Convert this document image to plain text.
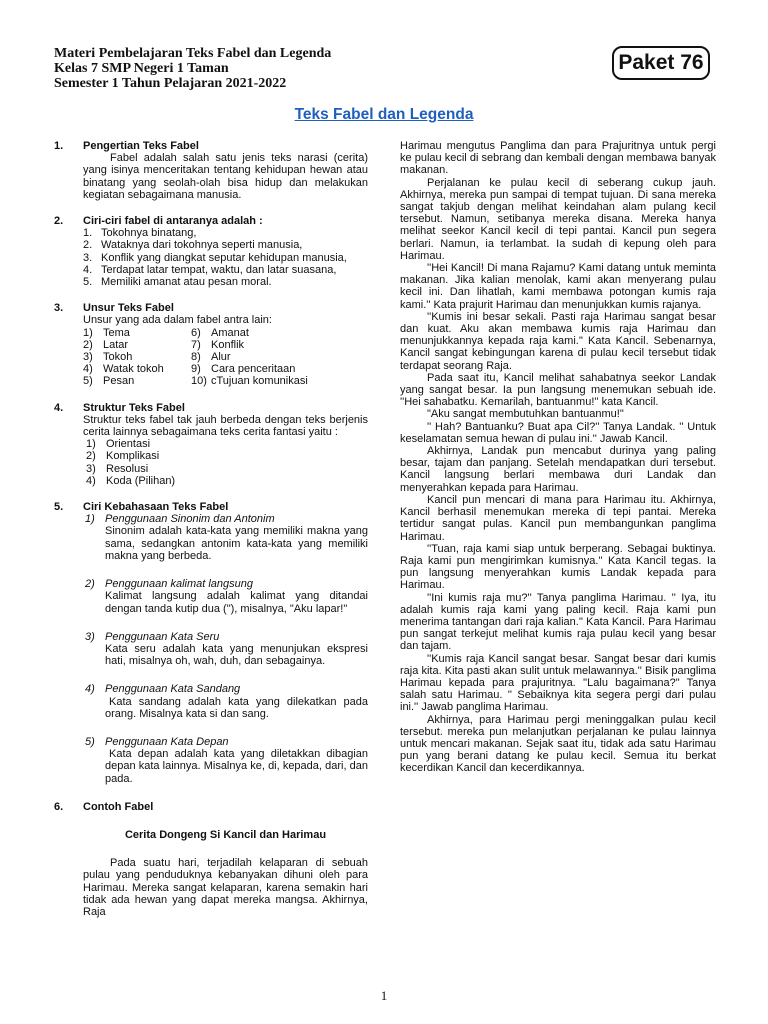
Materi Pembelajaran Teks Fabel dan Legenda
Kelas 7 SMP Negeri 1 Taman
Semester 1 Tahun Pelajaran 2021-2022
Paket 76
Teks Fabel dan Legenda
1.	Pengertian Teks Fabel
Fabel adalah salah satu jenis teks narasi (cerita) yang isinya menceritakan tentang kehidupan hewan atau binatang yang seolah-olah bisa hidup dan melakukan kegiatan sebagaimana manusia.
2.	Ciri-ciri fabel di antaranya adalah :
1. Tokohnya binatang,
2. Wataknya dari tokohnya seperti manusia,
3. Konflik yang diangkat seputar kehidupan manusia,
4. Terdapat latar tempat, waktu, dan latar suasana,
5. Memiliki amanat atau pesan moral.
3.	Unsur Teks Fabel
Unsur yang ada dalam fabel antra lain:
1) Tema	6) Amanat
2) Latar	7) Konflik
3) Tokoh	8) Alur
4) Watak tokoh 9) Cara penceritaan
5) Pesan	10) cTujuan komunikasi
4.	Struktur Teks Fabel
Struktur teks fabel tak jauh berbeda dengan teks berjenis cerita lainnya sebagaimana teks cerita fantasi yaitu :
1) Orientasi
2) Komplikasi
3) Resolusi
4) Koda (Pilihan)
5.	Ciri Kebahasaan Teks Fabel
1) Penggunaan Sinonim dan Antonim
Sinonim adalah kata-kata yang memiliki makna yang sama, sedangkan antonim kata-kata yang memiliki makna yang berbeda.
2) Penggunaan kalimat langsung
Kalimat langsung adalah kalimat yang ditandai dengan tanda kutip dua ("), misalnya, "Aku lapar!"
3) Penggunaan Kata Seru
Kata seru adalah kata yang menunjukan ekspresi hati, misalnya oh, wah, duh, dan sebagainya.
4) Penggunaan Kata Sandang
Kata sandang adalah kata yang dilekatkan pada orang. Misalnya kata si dan sang.
5) Penggunaan Kata Depan
Kata depan adalah kata yang diletakkan dibagian depan kata lainnya. Misalnya ke, di, kepada, dari, dan pada.
6.	Contoh Fabel
Cerita Dongeng Si Kancil dan Harimau

Pada suatu hari, terjadilah kelaparan di sebuah pulau yang penduduknya kebanyakan dihuni oleh para Harimau. Mereka sangat kelaparan, karena semakin hari tidak ada hewan yang dapat mereka mangsa. Akhirnya, Raja

Harimau mengutus Panglima dan para Prajuritnya untuk pergi ke pulau kecil di sebrang dan kembali dengan membawa banyak makanan.

Perjalanan ke pulau kecil di seberang cukup jauh. Akhirnya, mereka pun sampai di tempat tujuan. Di sana mereka sangat takjub dengan melihat keindahan alam pulang kecil tersebut. Namun, setibanya mereka disana. Mereka hanya melihat seekor Kancil kecil di tepi pantai. Kancil pun segera berlari. Namun, ia terlambat. Ia sudah di kepung oleh para Harimau.

''Hei Kancil! Di mana Rajamu? Kami datang untuk meminta makanan. Jika kalian menolak, kami akan menyerang pulau kecil ini. Dan lihatlah, kami membawa potongan kumis raja kami.'' Kata prajurit Harimau dan menunjukkan kumis rajanya.

''Kumis ini besar sekali. Pasti raja Harimau sangat besar dan kuat. Aku akan membawa kumis raja Harimau dan menunjukkannya kepada raja kami.'' Kata Kancil. Sebenarnya, Kancil sangat kebingungan karena di pulau kecil tersebut tidak terdapat seorang Raja.

Pada saat itu, Kancil melihat sahabatnya seekor Landak yang sangat besar. Ia pun langsung menemukan sebuah ide. ''Hei sahabatku. Kemarilah, bantuanmu!'' kata Kancil.

"Aku sangat membutuhkan bantuanmu!"

'' Hah? Bantuanku? Buat apa Cil?'' Tanya Landak. '' Untuk keselamatan semua hewan di pulau ini.'' Jawab Kancil.

Akhirnya, Landak pun mencabut durinya yang paling besar, tajam dan panjang. Setelah mendapatkan duri tersebut. Kancil langsung berlari membawa duri Landak dan menyerahkan kepada para Harimau.

Kancil pun mencari di mana para Harimau itu. Akhirnya, Kancil berhasil menemukan mereka di tepi pantai. Mereka tertidur sangat pulas. Kancil pun membangunkan panglima Harimau.

''Tuan, raja kami siap untuk berperang. Sebagai buktinya. Raja kami pun mengirimkan kumisnya.'' Kata Kancil tegas. Ia pun langsung menyerahkan kumis Landak kepada para Harimau.

''Ini kumis raja mu?'' Tanya panglima Harimau. '' Iya, itu adalah kumis raja kami yang paling kecil. Raja kami pun menerima tantangan dari raja kalian.'' Kata Kancil. Para Harimau pun sangat terkejut melihat kumis raja pulau kecil yang besar dan tajam.

''Kumis raja Kancil sangat besar. Sangat besar dari kumis raja kita. Kita pasti akan sulit untuk melawannya.'' Bisik panglima Harimau kepada para prajuritnya. ''Lalu bagaimana?" Tanya salah satu Harimau. '' Sebaiknya kita segera pergi dari pulau ini.'' Jawab panglima Harimau.

Akhirnya, para Harimau pergi meninggalkan pulau kecil tersebut. mereka pun melanjutkan perjalanan ke pulau lainnya untuk mencari makanan. Sejak saat itu, tidak ada satu Harimau pun yang berani datang ke pulau kecil. Semua itu berkat kecerdikan Kancil dan kecerdikannya.

1
